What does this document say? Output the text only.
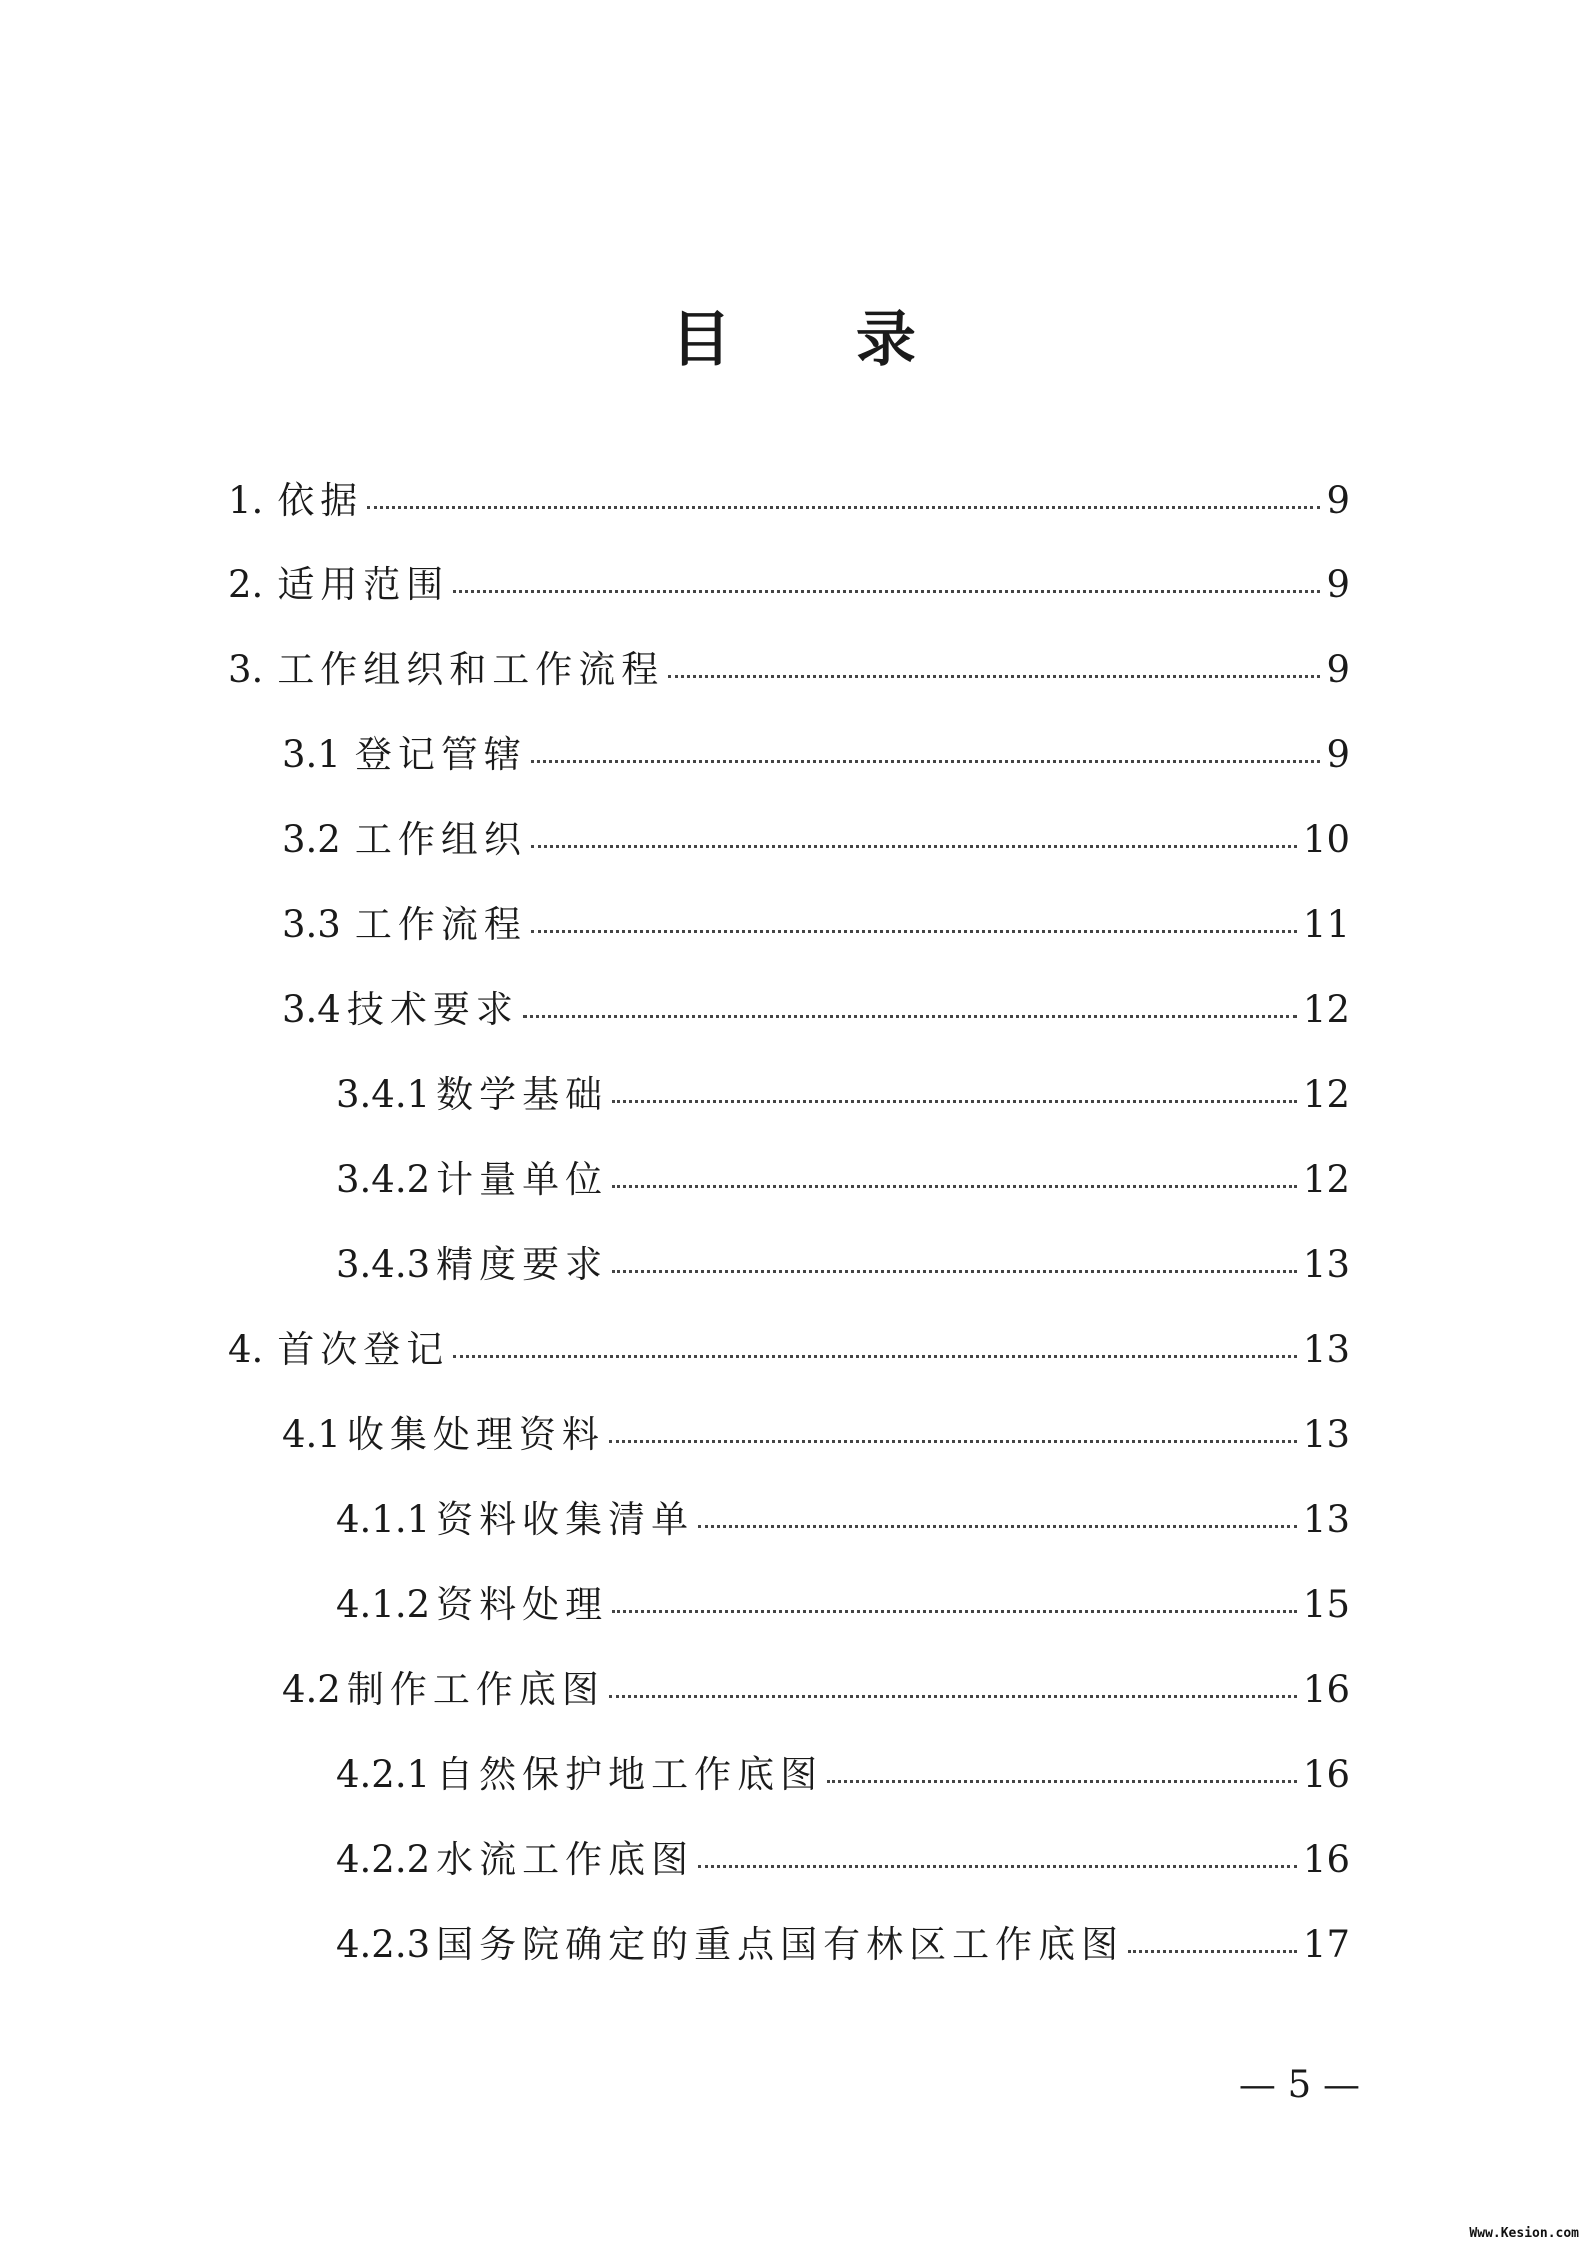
目 录
1. 依据	9
2. 适用范围	9
3. 工作组织和工作流程	9
3.1 登记管辖	9
3.2 工作组织	10
3.3 工作流程	11
3.4 技术要求	12
3.4.1 数学基础	12
3.4.2 计量单位	12
3.4.3 精度要求	13
4. 首次登记	13
4.1 收集处理资料	13
4.1.1 资料收集清单	13
4.1.2 资料处理	15
4.2 制作工作底图	16
4.2.1 自然保护地工作底图	16
4.2.2 水流工作底图	16
4.2.3 国务院确定的重点国有林区工作底图	17
— 5 —
Www.Kesion.com
